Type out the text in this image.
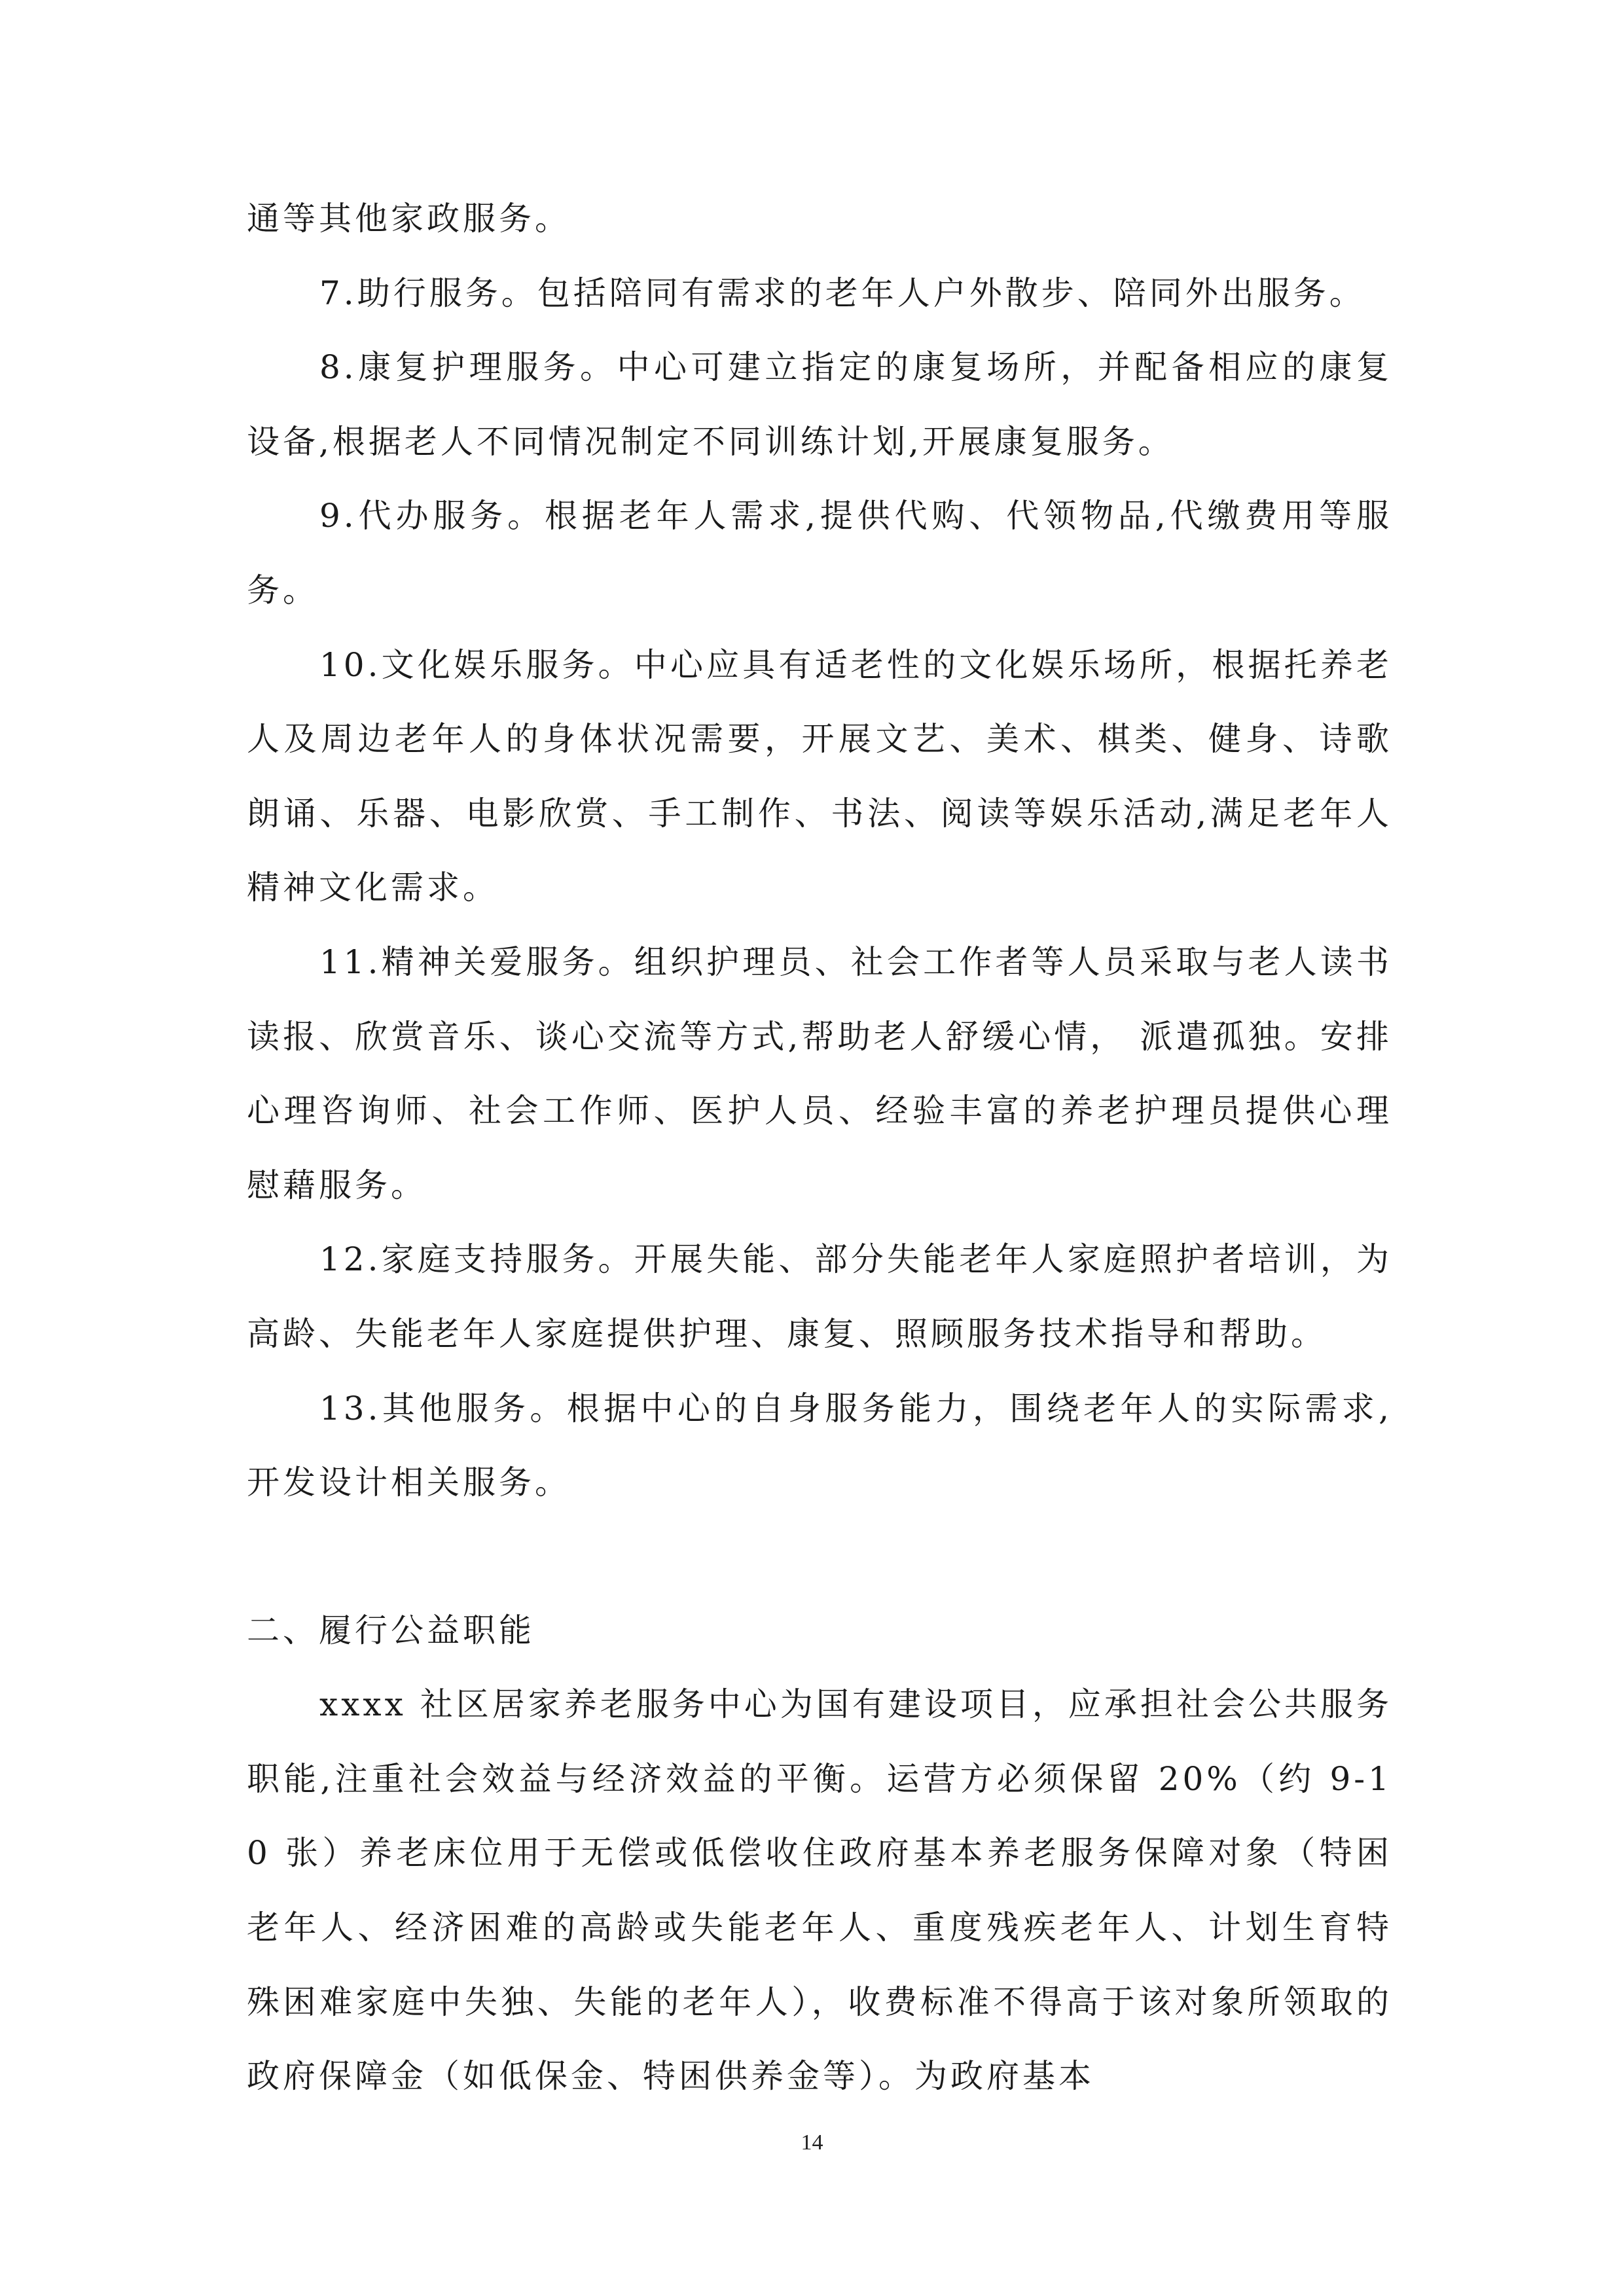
通等其他家政服务。

7.助行服务。包括陪同有需求的老年人户外散步、陪同外出服务。

8.康复护理服务。中心可建立指定的康复场所，并配备相应的康复设备,根据老人不同情况制定不同训练计划,开展康复服务。

9.代办服务。根据老年人需求,提供代购、代领物品,代缴费用等服务。

10.文化娱乐服务。中心应具有适老性的文化娱乐场所，根据托养老人及周边老年人的身体状况需要，开展文艺、美术、棋类、健身、诗歌朗诵、乐器、电影欣赏、手工制作、书法、阅读等娱乐活动,满足老年人精神文化需求。

11.精神关爱服务。组织护理员、社会工作者等人员采取与老人读书读报、欣赏音乐、谈心交流等方式,帮助老人舒缓心情， 派遣孤独。安排心理咨询师、社会工作师、医护人员、经验丰富的养老护理员提供心理慰藉服务。

12.家庭支持服务。开展失能、部分失能老年人家庭照护者培训，为高龄、失能老年人家庭提供护理、康复、照顾服务技术指导和帮助。

13.其他服务。根据中心的自身服务能力，围绕老年人的实际需求,开发设计相关服务。

二、履行公益职能

xxxx 社区居家养老服务中心为国有建设项目，应承担社会公共服务职能,注重社会效益与经济效益的平衡。运营方必须保留 20%（约 9-10 张）养老床位用于无偿或低偿收住政府基本养老服务保障对象（特困老年人、经济困难的高龄或失能老年人、重度残疾老年人、计划生育特殊困难家庭中失独、失能的老年人），收费标准不得高于该对象所领取的政府保障金（如低保金、特困供养金等）。为政府基本

14
